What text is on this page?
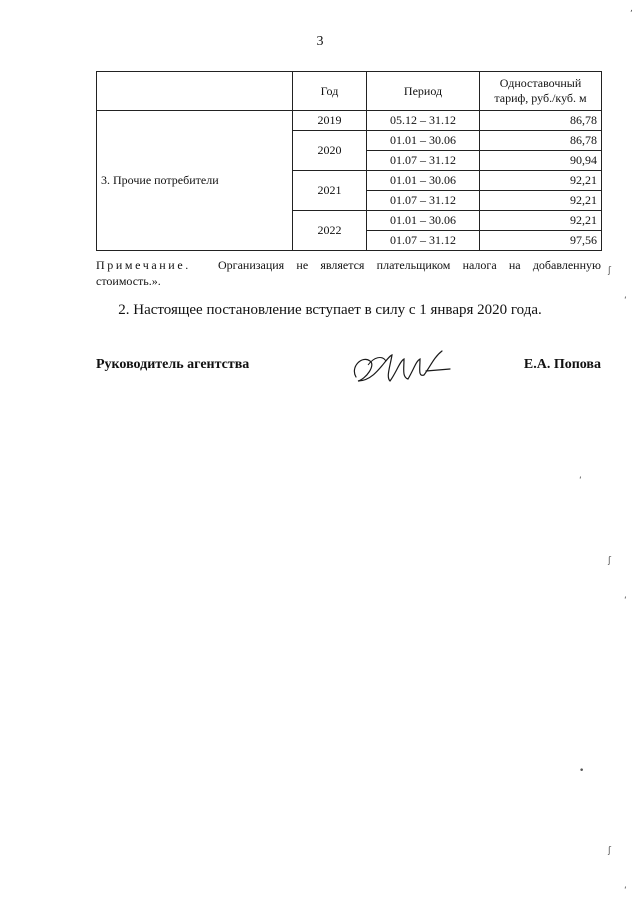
3
	Год	Период	Одноставочный тариф, руб./куб. м
3. Прочие потребители	2019	05.12 – 31.12	86,78
	2020	01.01 – 30.06	86,78
		01.07 – 31.12	90,94
	2021	01.01 – 30.06	92,21
		01.07 – 31.12	92,21
	2022	01.01 – 30.06	92,21
		01.07 – 31.12	97,56
Примечание. Организация не является плательщиком налога на добавленную
стоимость.».
2. Настоящее постановление вступает в силу с 1 января 2020 года.
Руководитель агентства	Е.А. Попова
,
ʃ
ʻ
ʻ
ʃ
ʻ
•
ʃ
ʻ
